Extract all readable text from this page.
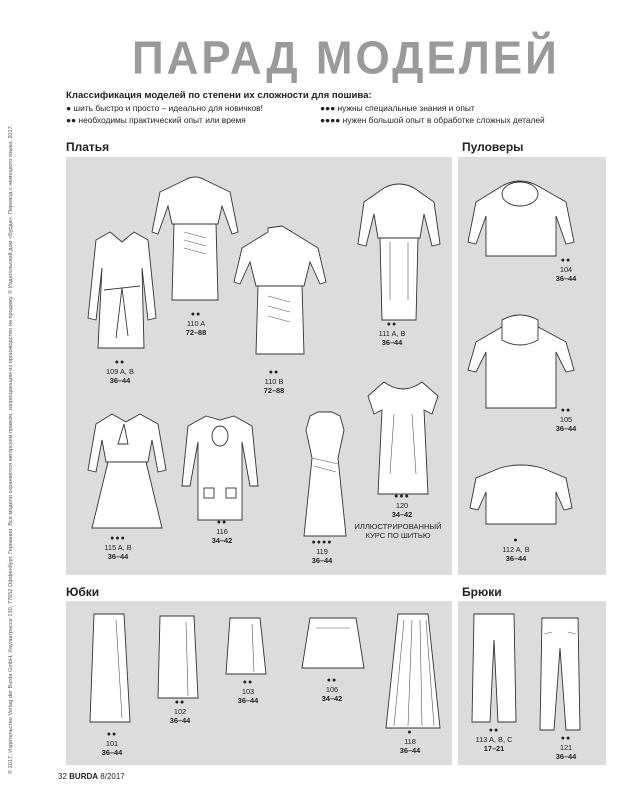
© 2017, Издательство Verlag der Burda GmbH, Хаупштрассе 130, 77652 Оффенбург, Германия. Все модели охраняются авторским правом, запрещающим их производство на продажу. © Издательский дом «Бурда». Перевод с немецкого языка, 2017.
ПАРАД МОДЕЛЕЙ
Классификация моделей по степени их сложности для пошива:
● шить быстро и просто – идеально для новичков!
●● необходимы практический опыт или время
●●● нужны специальные знания и опыт
●●●● нужен большой опыт в обработке сложных деталей
Платья	Пуловеры
Юбки	Брюки
●●
110 A
72–88
●●
110 B
72–88
●●
111 A, B
36–44
●●
109 A, B
36–44
●●●
115 A, B
36–44
●●
116
34–42	●●●●
119
36–44
●●●
120
34–42
ИЛЛЮСТРИРОВАННЫЙ
КУРС ПО ШИТЬЮ
●●
104
36–44
●●
105
36–44
●
112 A, B
36–44
●●
101
36–44
●●
102
36–44
●●
103
36–44
●●
106
34–42
●
118
36–44
●●
113 A, B, C
17–21
●●
121
36–44
32 BURDA 8/2017
